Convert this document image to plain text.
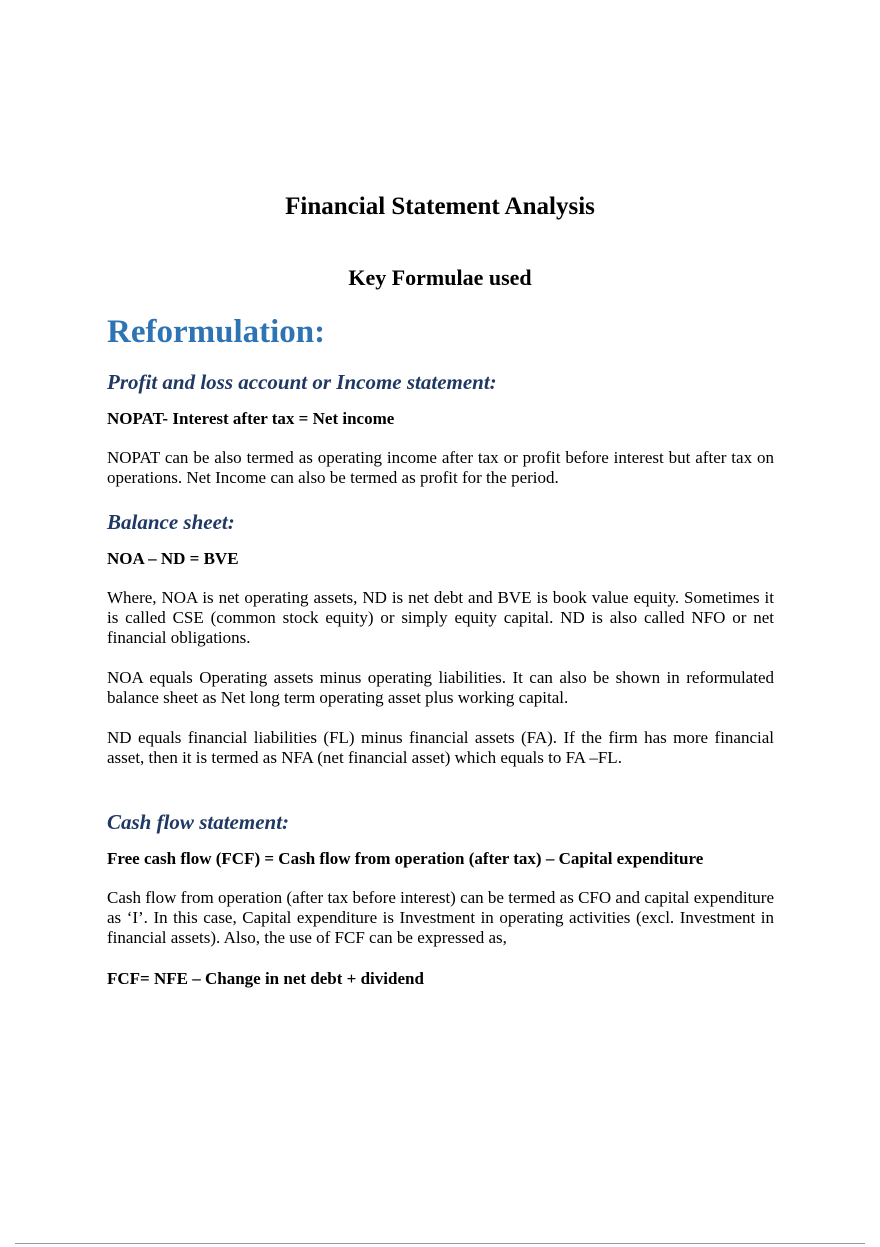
Financial Statement Analysis
Key Formulae used
Reformulation:
Profit and loss account or Income statement:

NOPAT- Interest after tax = Net income

NOPAT can be also termed as operating income after tax or profit before interest but after tax on operations. Net Income can also be termed as profit for the period.

Balance sheet:

NOA – ND = BVE

Where, NOA is net operating assets, ND is net debt and BVE is book value equity. Sometimes it is called CSE (common stock equity) or simply equity capital. ND is also called NFO or net financial obligations.

NOA equals Operating assets minus operating liabilities. It can also be shown in reformulated balance sheet as Net long term operating asset plus working capital.

ND equals financial liabilities (FL) minus financial assets (FA). If the firm has more financial asset, then it is termed as NFA (net financial asset) which equals to FA –FL.

Cash flow statement:

Free cash flow (FCF) = Cash flow from operation (after tax) – Capital expenditure

Cash flow from operation (after tax before interest) can be termed as CFO and capital expenditure as ‘I’. In this case, Capital expenditure is Investment in operating activities (excl. Investment in financial assets). Also, the use of FCF can be expressed as,

FCF= NFE – Change in net debt + dividend
